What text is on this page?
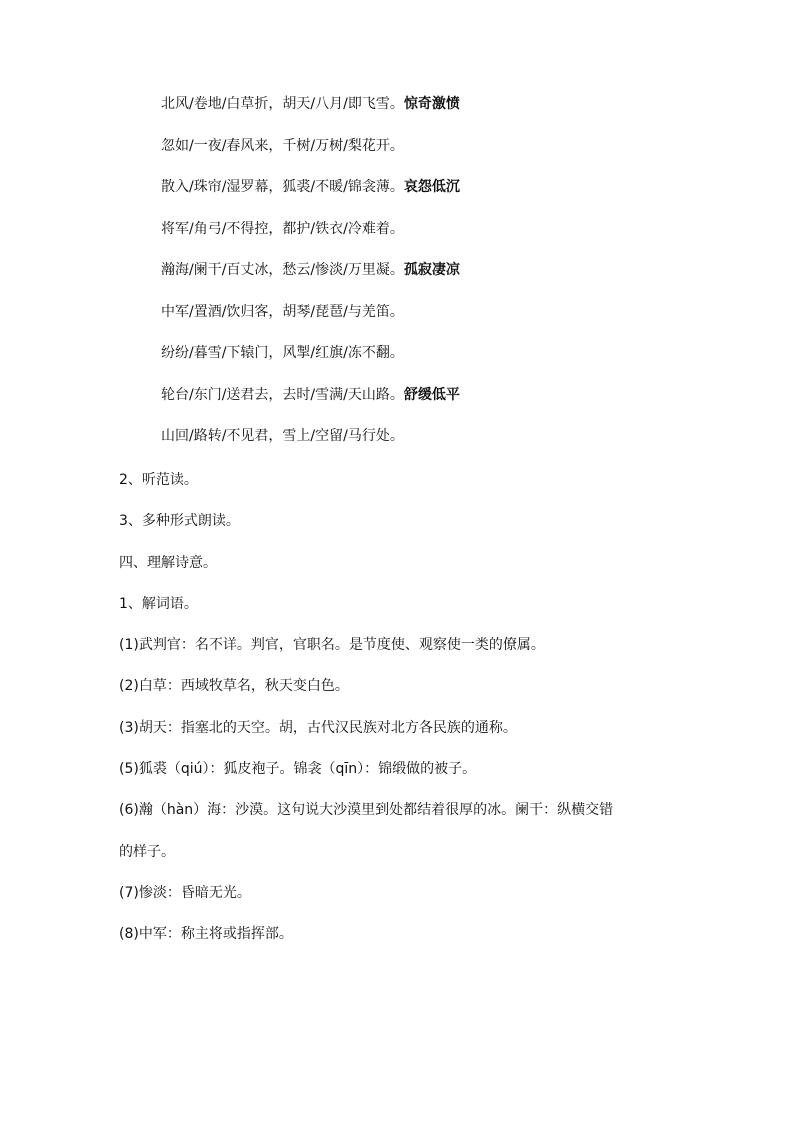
北风/卷地/白草折，胡天/八月/即飞雪。惊奇激愤
忽如/一夜/春风来，千树/万树/梨花开。
散入/珠帘/湿罗幕，狐裘/不暖/锦衾薄。哀怨低沉
将军/角弓/不得控，都护/铁衣/冷难着。
瀚海/阑干/百丈冰，愁云/惨淡/万里凝。孤寂凄凉
中军/置酒/饮归客，胡琴/琵琶/与羌笛。
纷纷/暮雪/下辕门，风掣/红旗/冻不翻。
轮台/东门/送君去，去时/雪满/天山路。舒缓低平
山回/路转/不见君，雪上/空留/马行处。
2、听范读。
3、多种形式朗读。
四、理解诗意。
1、解词语。
(1)武判官：名不详。判官，官职名。是节度使、观察使一类的僚属。
(2)白草：西域牧草名，秋天变白色。
(3)胡天：指塞北的天空。胡，古代汉民族对北方各民族的通称。
(5)狐裘（qiú）：狐皮袍子。锦衾（qīn）：锦缎做的被子。
(6)瀚（hàn）海：沙漠。这句说大沙漠里到处都结着很厚的冰。阑干：纵横交错
的样子。
(7)惨淡：昏暗无光。
(8)中军：称主将或指挥部。
